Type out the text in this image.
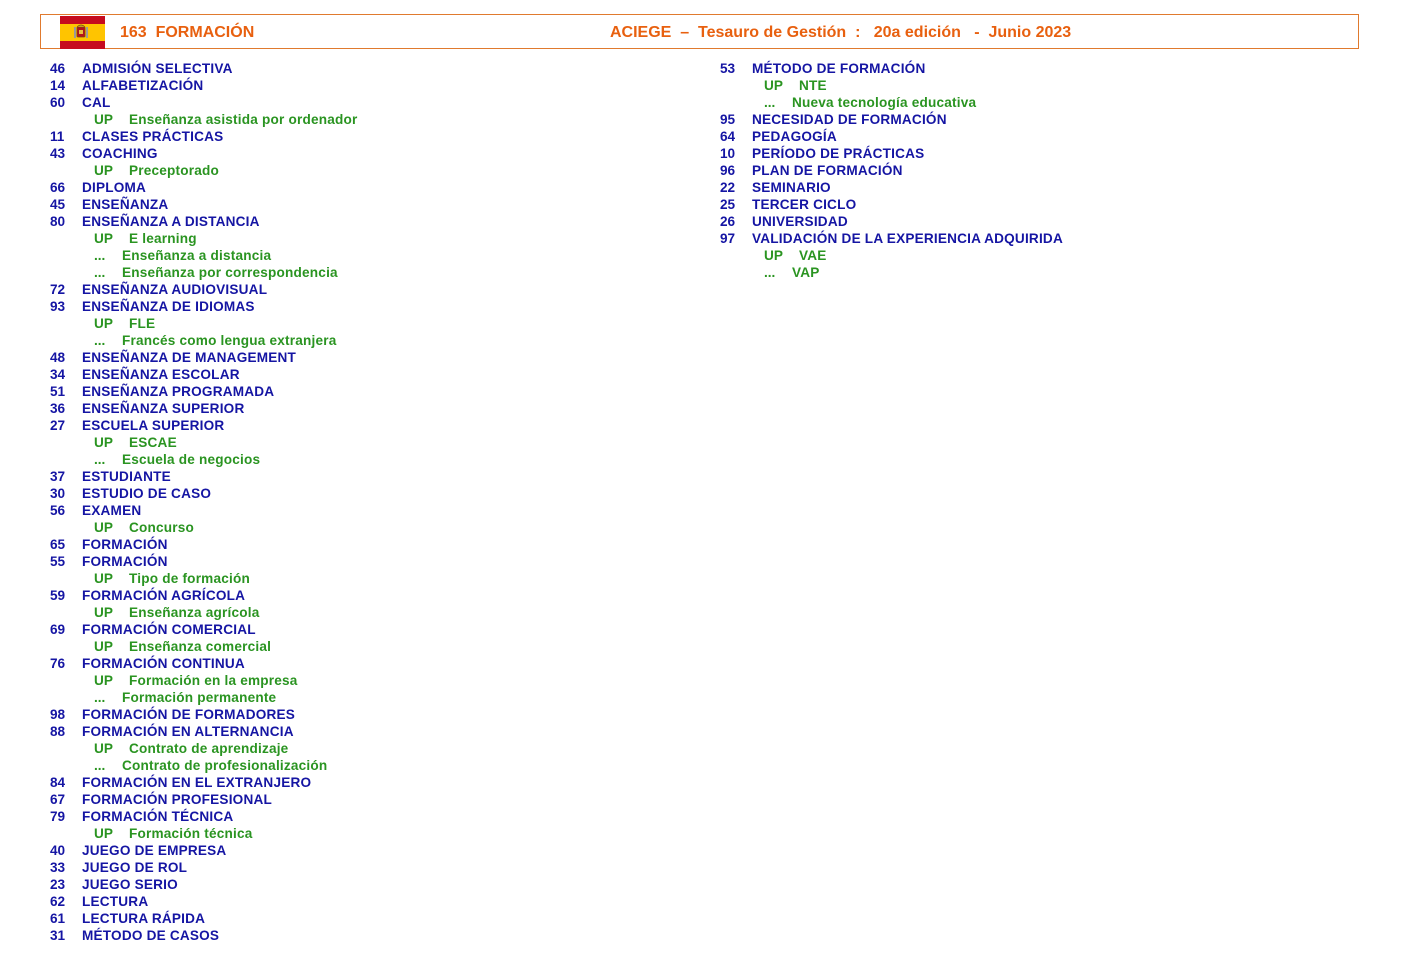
163  FORMACIÓN	ACIEGE  –  Tesauro de Gestión  :   20a edición   -  Junio 2023
46 ADMISIÓN SELECTIVA
14 ALFABETIZACIÓN
60 CAL
UP Enseñanza asistida por ordenador
11 CLASES PRÁCTICAS
43 COACHING
UP Preceptorado
66 DIPLOMA
45 ENSEÑANZA
80 ENSEÑANZA A DISTANCIA
UP E learning
... Enseñanza a distancia
... Enseñanza por correspondencia
72 ENSEÑANZA AUDIOVISUAL
93 ENSEÑANZA DE IDIOMAS
UP FLE
... Francés como lengua extranjera
48 ENSEÑANZA DE MANAGEMENT
34 ENSEÑANZA ESCOLAR
51 ENSEÑANZA PROGRAMADA
36 ENSEÑANZA SUPERIOR
27 ESCUELA SUPERIOR
UP ESCAE
... Escuela de negocios
37 ESTUDIANTE
30 ESTUDIO DE CASO
56 EXAMEN
UP Concurso
65 FORMACIÓN
55 FORMACIÓN
UP Tipo de formación
59 FORMACIÓN AGRÍCOLA
UP Enseñanza agrícola
69 FORMACIÓN COMERCIAL
UP Enseñanza comercial
76 FORMACIÓN CONTINUA
UP Formación en la empresa
... Formación permanente
98 FORMACIÓN DE FORMADORES
88 FORMACIÓN EN ALTERNANCIA
UP Contrato de aprendizaje
... Contrato de profesionalización
84 FORMACIÓN EN EL EXTRANJERO
67 FORMACIÓN PROFESIONAL
79 FORMACIÓN TÉCNICA
UP Formación técnica
40 JUEGO DE EMPRESA
33 JUEGO DE ROL
23 JUEGO SERIO
62 LECTURA
61 LECTURA RÁPIDA
31 MÉTODO DE CASOS
53 MÉTODO DE FORMACIÓN
UP NTE
... Nueva tecnología educativa
95 NECESIDAD DE FORMACIÓN
64 PEDAGOGÍA
10 PERÍODO DE PRÁCTICAS
96 PLAN DE FORMACIÓN
22 SEMINARIO
25 TERCER CICLO
26 UNIVERSIDAD
97 VALIDACIÓN DE LA EXPERIENCIA ADQUIRIDA
UP VAE
... VAP
